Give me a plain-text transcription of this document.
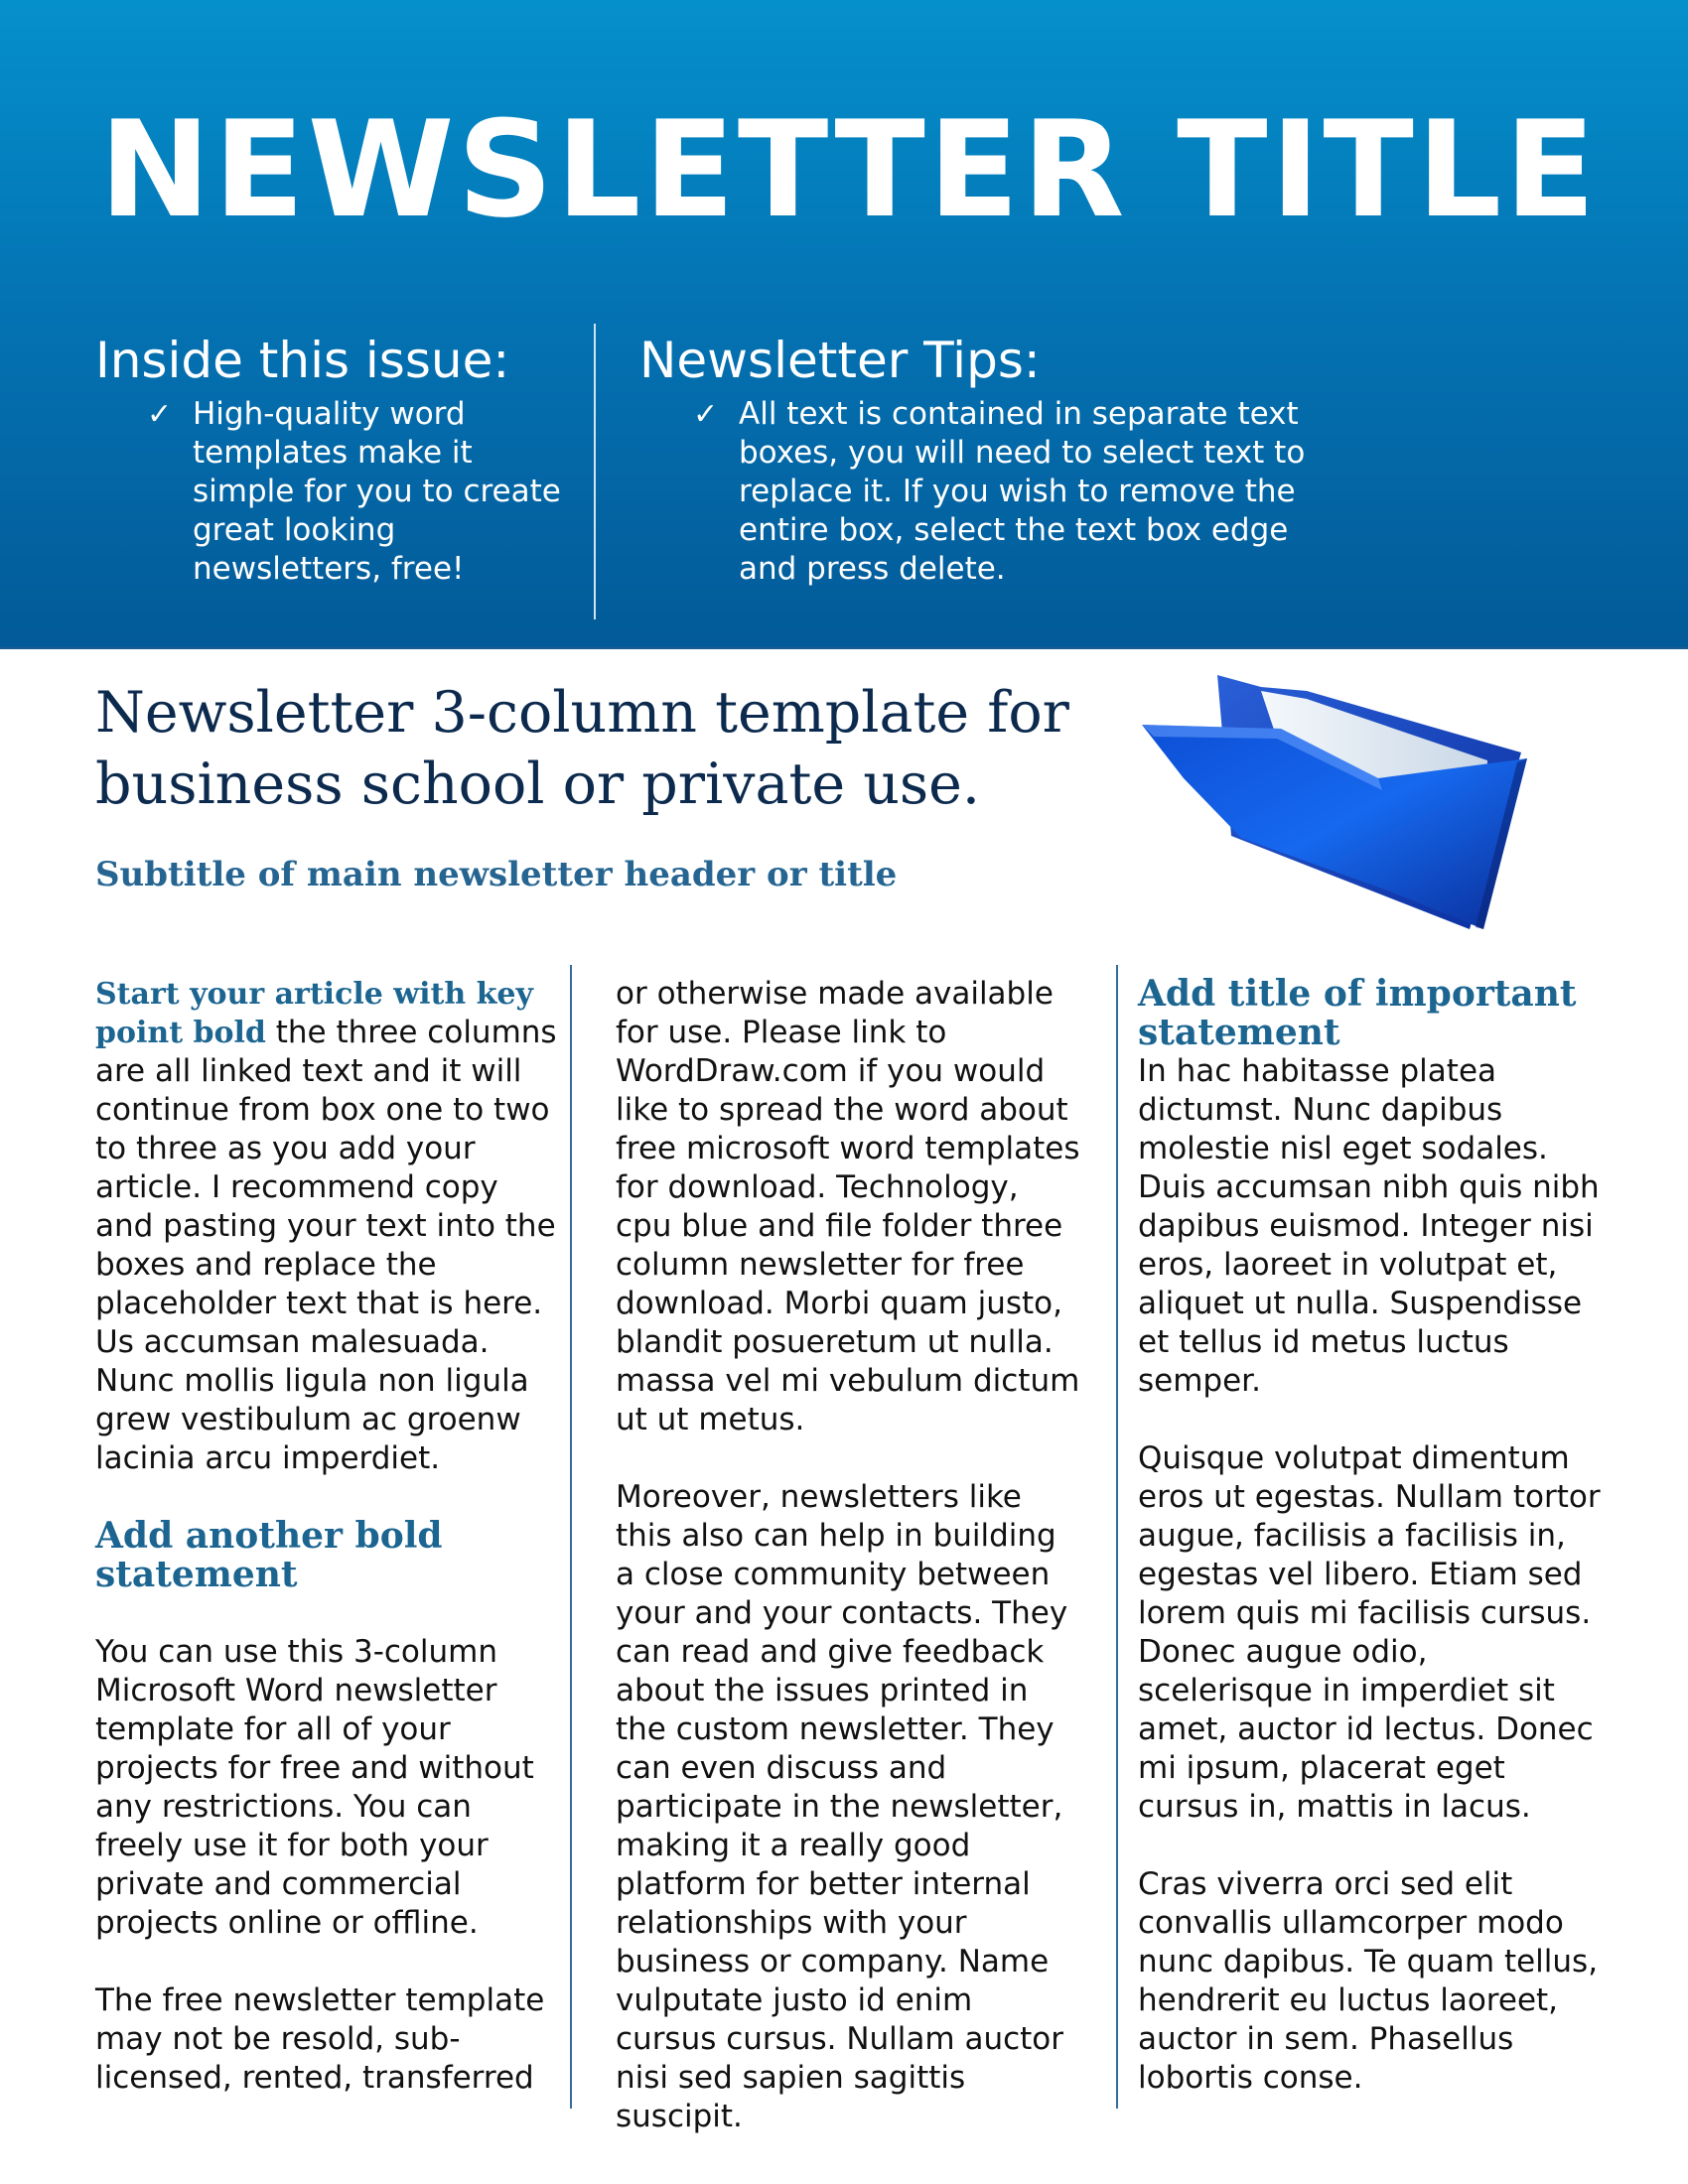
NEWSLETTER TITLE
Inside this issue:
✓ High-quality word templates make it simple for you to create great looking newsletters, free!
Newsletter Tips:
✓ All text is contained in separate text boxes, you will need to select text to replace it. If you wish to remove the entire box, select the text box edge and press delete.
Newsletter 3-column template for business school or private use.
Subtitle of main newsletter header or title

Start your article with key point bold the three columns are all linked text and it will continue from box one to two to three as you add your article. I recommend copy and pasting your text into the boxes and replace the placeholder text that is here. Us accumsan malesuada. Nunc mollis ligula non ligula grew vestibulum ac groenw lacinia arcu imperdiet.

Add another bold statement

You can use this 3-column Microsoft Word newsletter template for all of your projects for free and without any restrictions. You can freely use it for both your private and commercial projects online or offline.

The free newsletter template may not be resold, sub-licensed, rented, transferred

or otherwise made available for use. Please link to WordDraw.com if you would like to spread the word about free microsoft word templates for download. Technology, cpu blue and file folder three column newsletter for free download. Morbi quam justo, blandit posueretum ut nulla. massa vel mi vebulum dictum ut ut metus.

Moreover, newsletters like this also can help in building a close community between your and your contacts. They can read and give feedback about the issues printed in the custom newsletter. They can even discuss and participate in the newsletter, making it a really good platform for better internal relationships with your business or company. Name vulputate justo id enim cursus cursus. Nullam auctor nisi sed sapien sagittis suscipit.

Add title of important statement

In hac habitasse platea dictumst. Nunc dapibus molestie nisl eget sodales. Duis accumsan nibh quis nibh dapibus euismod. Integer nisi eros, laoreet in volutpat et, aliquet ut nulla. Suspendisse et tellus id metus luctus semper.

Quisque volutpat dimentum eros ut egestas. Nullam tortor augue, facilisis a facilisis in, egestas vel libero. Etiam sed lorem quis mi facilisis cursus. Donec augue odio, scelerisque in imperdiet sit amet, auctor id lectus. Donec mi ipsum, placerat eget cursus in, mattis in lacus.

Cras viverra orci sed elit convallis ullamcorper modo nunc dapibus. Te quam tellus, hendrerit eu luctus laoreet, auctor in sem. Phasellus lobortis conse.
